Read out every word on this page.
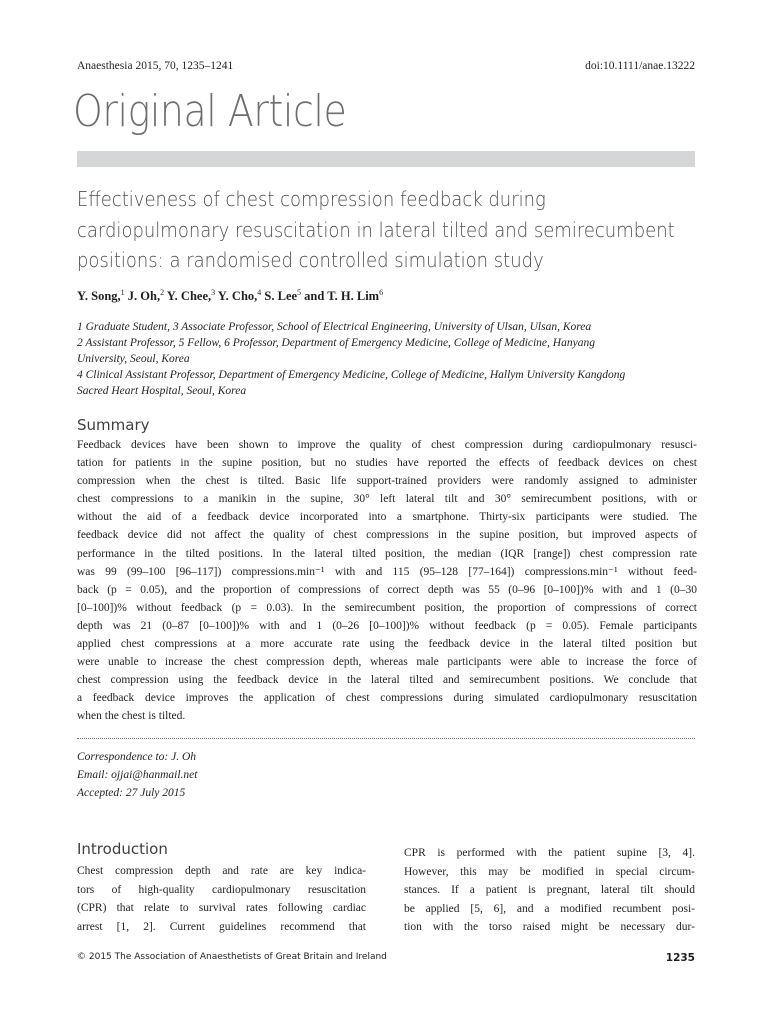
Anaesthesia 2015, 70, 1235–1241	doi:10.1111/anae.13222
Original Article
Effectiveness of chest compression feedback during
cardiopulmonary resuscitation in lateral tilted and semirecumbent
positions: a randomised controlled simulation study
Y. Song,$^1$ J. Oh,$^2$ Y. Chee,$^3$ Y. Cho,$^4$ S. Lee$^5$ and T. H. Lim$^6$
1 Graduate Student, 3 Associate Professor, School of Electrical Engineering, University of Ulsan, Ulsan, Korea
2 Assistant Professor, 5 Fellow, 6 Professor, Department of Emergency Medicine, College of Medicine, Hanyang
University, Seoul, Korea
4 Clinical Assistant Professor, Department of Emergency Medicine, College of Medicine, Hallym University Kangdong
Sacred Heart Hospital, Seoul, Korea
Summary
Feedback devices have been shown to improve the quality of chest compression during cardiopulmonary resusci-
tation for patients in the supine position, but no studies have reported the effects of feedback devices on chest
compression when the chest is tilted. Basic life support-trained providers were randomly assigned to administer
chest compressions to a manikin in the supine, 30° left lateral tilt and 30° semirecumbent positions, with or
without the aid of a feedback device incorporated into a smartphone. Thirty-six participants were studied. The
feedback device did not affect the quality of chest compressions in the supine position, but improved aspects of
performance in the tilted positions. In the lateral tilted position, the median (IQR [range]) chest compression rate
was 99 (99–100 [96–117]) compressions.min⁻¹ with and 115 (95–128 [77–164]) compressions.min⁻¹ without feed-
back (p = 0.05), and the proportion of compressions of correct depth was 55 (0–96 [0–100])% with and 1 (0–30
[0–100])% without feedback (p = 0.03). In the semirecumbent position, the proportion of compressions of correct
depth was 21 (0–87 [0–100])% with and 1 (0–26 [0–100])% without feedback (p = 0.05). Female participants
applied chest compressions at a more accurate rate using the feedback device in the lateral tilted position but
were unable to increase the chest compression depth, whereas male participants were able to increase the force of
chest compression using the feedback device in the lateral tilted and semirecumbent positions. We conclude that
a feedback device improves the application of chest compressions during simulated cardiopulmonary resuscitation
when the chest is tilted.
Correspondence to: J. Oh
Email: ojjai@hanmail.net
Accepted: 27 July 2015
Introduction
Chest compression depth and rate are key indica-
tors of high-quality cardiopulmonary resuscitation
(CPR) that relate to survival rates following cardiac
arrest [1, 2]. Current guidelines recommend that
CPR is performed with the patient supine [3, 4].
However, this may be modified in special circum-
stances. If a patient is pregnant, lateral tilt should
be applied [5, 6], and a modified recumbent posi-
tion with the torso raised might be necessary dur-
© 2015 The Association of Anaesthetists of Great Britain and Ireland	1235
